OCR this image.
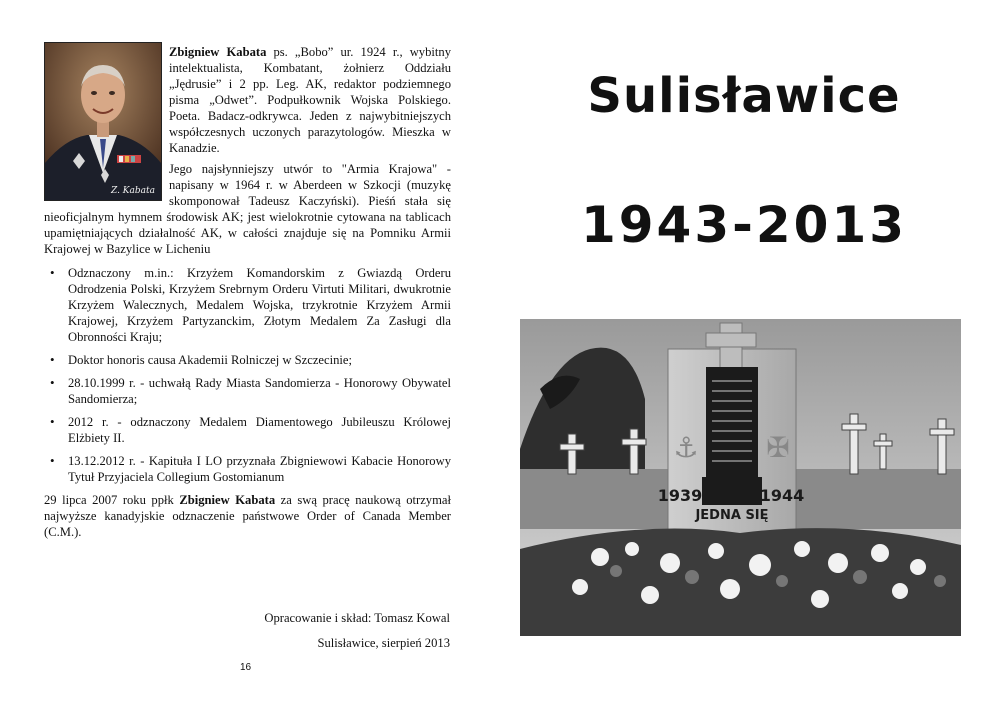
Z. Kabata

Zbigniew Kabata ps. „Bobo” ur. 1924 r., wybitny intelektualista, Kombatant, żołnierz Oddziału „Jędrusie” i 2 pp. Leg. AK, redaktor podziemnego pisma „Odwet”. Podpułkownik Wojska Polskiego. Poeta. Badacz-odkrywca. Jeden z najwybitniejszych współczesnych uczonych parazytologów. Mieszka w Kanadzie.

Jego najsłynniejszy utwór to "Armia Krajowa" - napisany w 1964 r. w Aberdeen w Szkocji (muzykę skomponował Tadeusz Kaczyński). Pieśń stała się nieoficjalnym hymnem środowisk AK; jest wielokrotnie cytowana na tablicach upamiętniających działalność AK, w całości znajduje się na Pomniku Armii Krajowej w Bazylice w Licheniu

• Odznaczony m.in.: Krzyżem Komandorskim z Gwiazdą Orderu Odrodzenia Polski, Krzyżem Srebrnym Orderu Virtuti Militari, dwukrotnie Krzyżem Walecznych, Medalem Wojska, trzykrotnie Krzyżem Armii Krajowej, Krzyżem Partyzanckim, Złotym Medalem Za Zasługi dla Obronności Kraju;
• Doktor honoris causa Akademii Rolniczej w Szczecinie;
• 28.10.1999 r. - uchwałą Rady Miasta Sandomierza - Honorowy Obywatel Sandomierza;
• 2012 r. - odznaczony Medalem Diamentowego Jubileuszu Królowej Elżbiety II.
• 13.12.2012 r. - Kapituła I LO przyznała Zbigniewowi Kabacie Honorowy Tytuł Przyjaciela Collegium Gostomianum

29 lipca 2007 roku ppłk Zbigniew Kabata za swą pracę naukową otrzymał najwyższe kanadyjskie odznaczenie państwowe Order of Canada Member (C.M.).

Opracowanie i skład: Tomasz Kowal
Sulisławice, sierpień 2013
16
Sulisławice
1943-2013
⚓ ✠
1939	1944
JEDNA SIĘ
